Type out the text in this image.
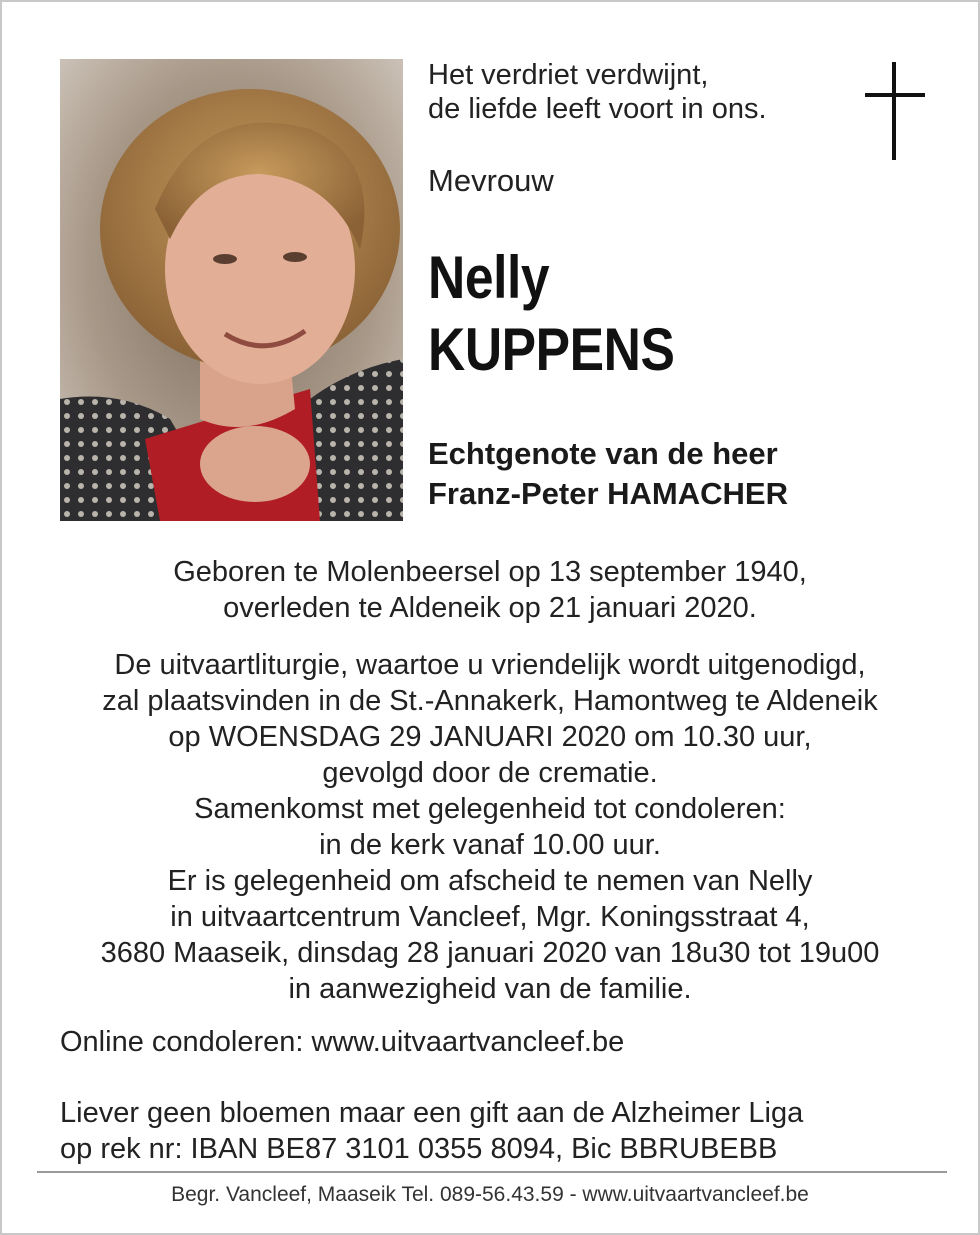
Het verdriet verdwijnt,
de liefde leeft voort in ons.
Mevrouw
Nelly
KUPPENS
Echtgenote van de heer
Franz-Peter HAMACHER
Geboren te Molenbeersel op 13 september 1940,
overleden te Aldeneik op 21 januari 2020.
De uitvaartliturgie, waartoe u vriendelijk wordt uitgenodigd,
zal plaatsvinden in de St.-Annakerk, Hamontweg te Aldeneik
op WOENSDAG 29 JANUARI 2020 om 10.30 uur,
gevolgd door de crematie.
Samenkomst met gelegenheid tot condoleren:
in de kerk vanaf 10.00 uur.
Er is gelegenheid om afscheid te nemen van Nelly
in uitvaartcentrum Vancleef, Mgr. Koningsstraat 4,
3680 Maaseik, dinsdag 28 januari 2020 van 18u30 tot 19u00
in aanwezigheid van de familie.
Online condoleren: www.uitvaartvancleef.be
Liever geen bloemen maar een gift aan de Alzheimer Liga
op rek nr: IBAN BE87 3101 0355 8094, Bic BBRUBEBB
Begr. Vancleef, Maaseik Tel. 089-56.43.59 - www.uitvaartvancleef.be
